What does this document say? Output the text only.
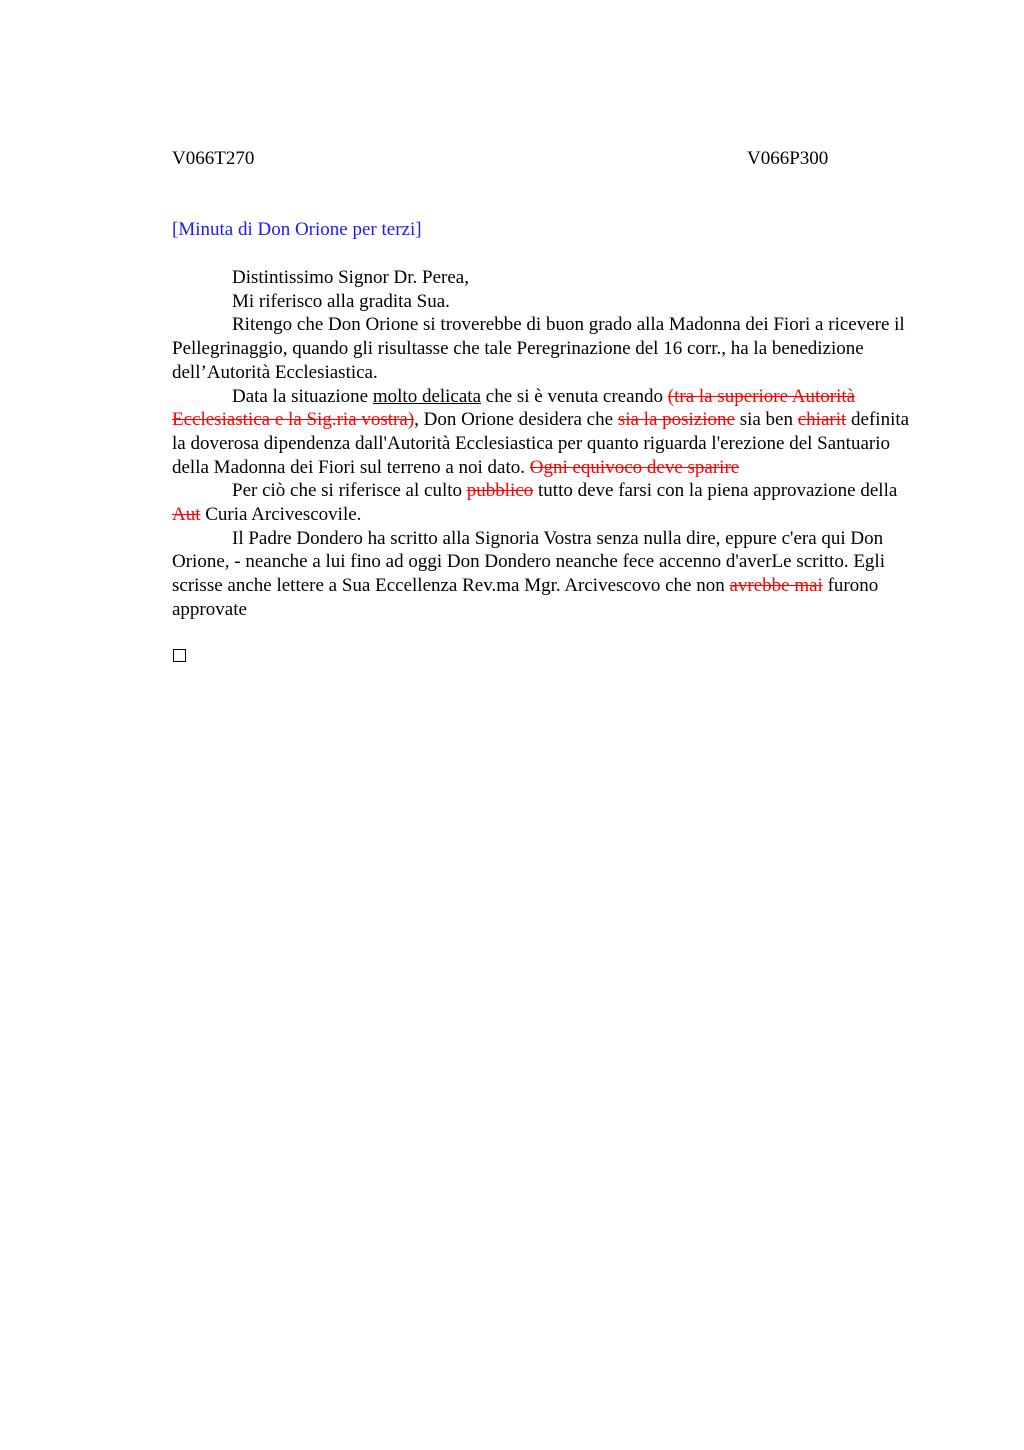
V066T270	V066P300
[Minuta di Don Orione per terzi]

Distintissimo Signor Dr. Perea,

Mi riferisco alla gradita Sua.

Ritengo che Don Orione si troverebbe di buon grado alla Madonna dei Fiori a ricevere il Pellegrinaggio, quando gli risultasse che tale Peregrinazione del 16 corr., ha la benedizione dell’Autorità Ecclesiastica.

Data la situazione molto delicata che si è venuta creando (tra la superiore Autorità Ecclesiastica e la Sig.ria vostra), Don Orione desidera che sia la posizione sia ben chiarit definita la doverosa dipendenza dall'Autorità Ecclesiastica per quanto riguarda l'erezione del Santuario della Madonna dei Fiori sul terreno a noi dato. Ogni equivoco deve sparire

Per ciò che si riferisce al culto pubblico tutto deve farsi con la piena approvazione della Aut Curia Arcivescovile.

Il Padre Dondero ha scritto alla Signoria Vostra senza nulla dire, eppure c'era qui Don Orione, - neanche a lui fino ad oggi Don Dondero neanche fece accenno d'averLe scritto. Egli scrisse anche lettere a Sua Eccellenza Rev.ma Mgr. Arcivescovo che non avrebbe mai furono approvate
